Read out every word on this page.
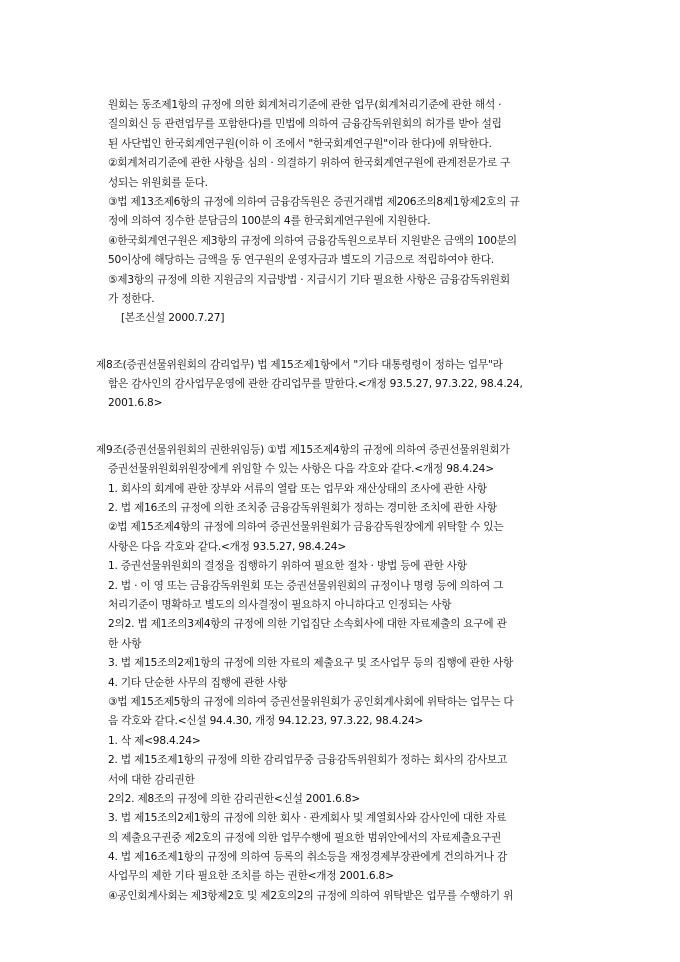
원회는 동조제1항의 규정에 의한 회계처리기준에 관한 업무(회계처리기준에 관한 해석 ·
질의회신 등 관련업무를 포함한다)를 민법에 의하여 금융감독위원회의 허가를 받아 설립
된 사단법인 한국회계연구원(이하 이 조에서 "한국회계연구원"이라 한다)에 위탁한다.
②회계처리기준에 관한 사항을 심의 · 의결하기 위하여 한국회계연구원에 관계전문가로 구
성되는 위원회를 둔다.
③법 제13조제6항의 규정에 의하여 금융감독원은 증권거래법 제206조의8제1항제2호의 규
정에 의하여 징수한 분담금의 100분의 4를 한국회계연구원에 지원한다.
④한국회계연구원은 제3항의 규정에 의하여 금융감독원으로부터 지원받은 금액의 100분의
50이상에 해당하는 금액을 동 연구원의 운영자금과 별도의 기금으로 적립하여야 한다.
⑤제3항의 규정에 의한 지원금의 지급방법 · 지급시기 기타 필요한 사항은 금융감독위원회
가 정한다.
[본조신설 2000.7.27]
제8조(증권선물위원회의 감리업무) 법 제15조제1항에서 "기타 대통령령이 정하는 업무"라
함은 감사인의 감사업무운영에 관한 감리업무를 말한다.<개정 93.5.27, 97.3.22, 98.4.24,
2001.6.8>
제9조(증권선물위원회의 권한위임등) ①법 제15조제4항의 규정에 의하여 증권선물위원회가
증권선물위원회위원장에게 위임할 수 있는 사항은 다음 각호와 같다.<개정 98.4.24>
1. 회사의 회계에 관한 장부와 서류의 열람 또는 업무와 재산상태의 조사에 관한 사항
2. 법 제16조의 규정에 의한 조치중 금융감독위원회가 정하는 경미한 조치에 관한 사항
②법 제15조제4항의 규정에 의하여 증권선물위원회가 금융감독원장에게 위탁할 수 있는
사항은 다음 각호와 같다.<개정 93.5.27, 98.4.24>
1. 증권선물위원회의 결정을 집행하기 위하여 필요한 절차 · 방법 등에 관한 사항
2. 법 · 이 영 또는 금융감독위원회 또는 증권선물위원회의 규정이나 명령 등에 의하여 그
처리기준이 명확하고 별도의 의사결정이 필요하지 아니하다고 인정되는 사항
2의2. 법 제1조의3제4항의 규정에 의한 기업집단 소속회사에 대한 자료제출의 요구에 관
한 사항
3. 법 제15조의2제1항의 규정에 의한 자료의 제출요구 및 조사업무 등의 집행에 관한 사항
4. 기타 단순한 사무의 집행에 관한 사항
③법 제15조제5항의 규정에 의하여 증권선물위원회가 공인회계사회에 위탁하는 업무는 다
음 각호와 같다.<신설 94.4.30, 개정 94.12.23, 97.3.22, 98.4.24>
1. 삭 제<98.4.24>
2. 법 제15조제1항의 규정에 의한 감리업무중 금융감독위원회가 정하는 회사의 감사보고
서에 대한 감리권한
2의2. 제8조의 규정에 의한 감리권한<신설 2001.6.8>
3. 법 제15조의2제1항의 규정에 의한 회사 · 관계회사 및 계열회사와 감사인에 대한 자료
의 제출요구권중 제2호의 규정에 의한 업무수행에 필요한 범위안에서의 자료제출요구권
4. 법 제16조제1항의 규정에 의하여 등록의 취소등을 재정경제부장관에게 건의하거나 감
사업무의 제한 기타 필요한 조치를 하는 권한<개정 2001.6.8>
④공인회계사회는 제3항제2호 및 제2호의2의 규정에 의하여 위탁받은 업무를 수행하기 위
